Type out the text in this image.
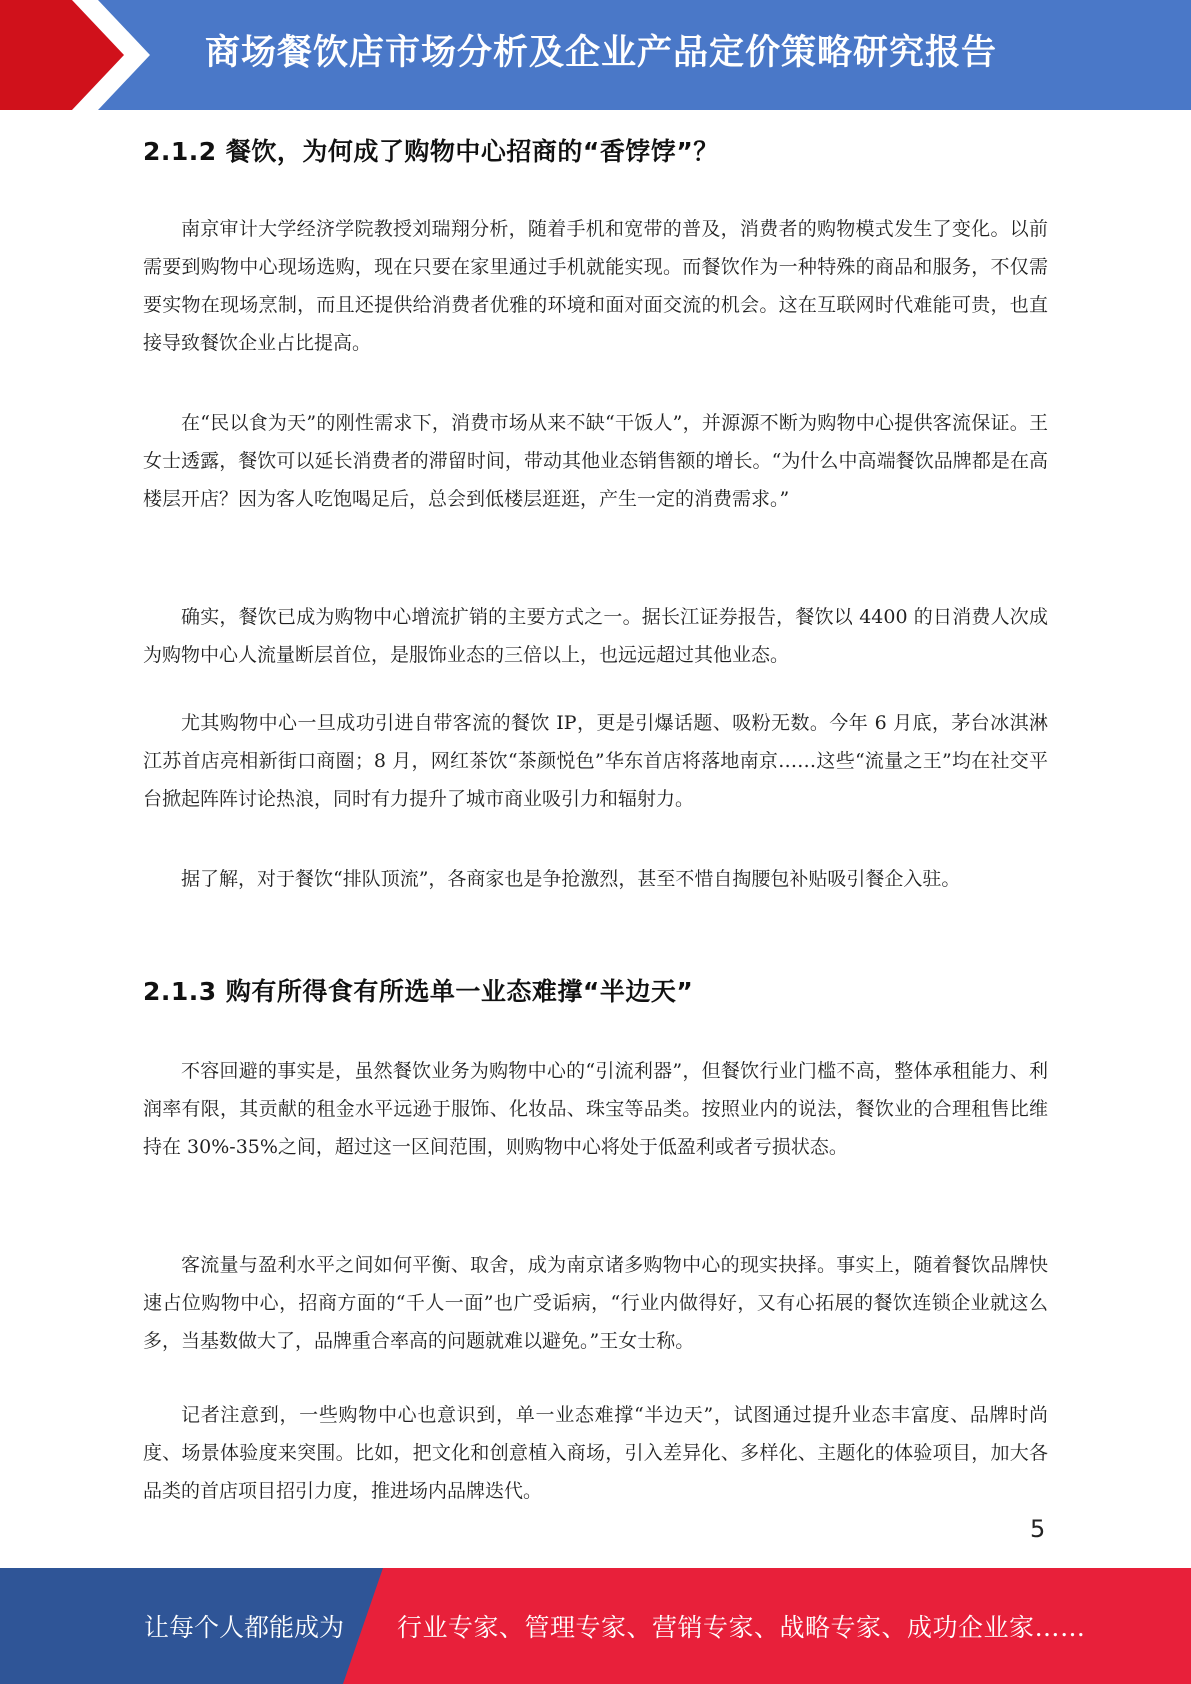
商场餐饮店市场分析及企业产品定价策略研究报告
2.1.2 餐饮，为何成了购物中心招商的“香饽饽”？

南京审计大学经济学院教授刘瑞翔分析，随着手机和宽带的普及，消费者的购物模式发生了变化。以前需要到购物中心现场选购，现在只要在家里通过手机就能实现。而餐饮作为一种特殊的商品和服务，不仅需要实物在现场烹制，而且还提供给消费者优雅的环境和面对面交流的机会。这在互联网时代难能可贵，也直接导致餐饮企业占比提高。

在“民以食为天”的刚性需求下，消费市场从来不缺“干饭人”，并源源不断为购物中心提供客流保证。王女士透露，餐饮可以延长消费者的滞留时间，带动其他业态销售额的增长。“为什么中高端餐饮品牌都是在高楼层开店？因为客人吃饱喝足后，总会到低楼层逛逛，产生一定的消费需求。”

确实，餐饮已成为购物中心增流扩销的主要方式之一。据长江证券报告，餐饮以 4400 的日消费人次成为购物中心人流量断层首位，是服饰业态的三倍以上，也远远超过其他业态。

尤其购物中心一旦成功引进自带客流的餐饮 IP，更是引爆话题、吸粉无数。今年 6 月底，茅台冰淇淋江苏首店亮相新街口商圈；8 月，网红茶饮“茶颜悦色”华东首店将落地南京……这些“流量之王”均在社交平台掀起阵阵讨论热浪，同时有力提升了城市商业吸引力和辐射力。

据了解，对于餐饮“排队顶流”，各商家也是争抢激烈，甚至不惜自掏腰包补贴吸引餐企入驻。

2.1.3 购有所得食有所选单一业态难撑“半边天”

不容回避的事实是，虽然餐饮业务为购物中心的“引流利器”，但餐饮行业门槛不高，整体承租能力、利润率有限，其贡献的租金水平远逊于服饰、化妆品、珠宝等品类。按照业内的说法，餐饮业的合理租售比维持在 30%-35%之间，超过这一区间范围，则购物中心将处于低盈利或者亏损状态。

客流量与盈利水平之间如何平衡、取舍，成为南京诸多购物中心的现实抉择。事实上，随着餐饮品牌快速占位购物中心，招商方面的“千人一面”也广受诟病，“行业内做得好，又有心拓展的餐饮连锁企业就这么多，当基数做大了，品牌重合率高的问题就难以避免。”王女士称。

记者注意到，一些购物中心也意识到，单一业态难撑“半边天”，试图通过提升业态丰富度、品牌时尚度、场景体验度来突围。比如，把文化和创意植入商场，引入差异化、多样化、主题化的体验项目，加大各品类的首店项目招引力度，推进场内品牌迭代。

5
让每个人都能成为 行业专家、管理专家、营销专家、战略专家、成功企业家……
